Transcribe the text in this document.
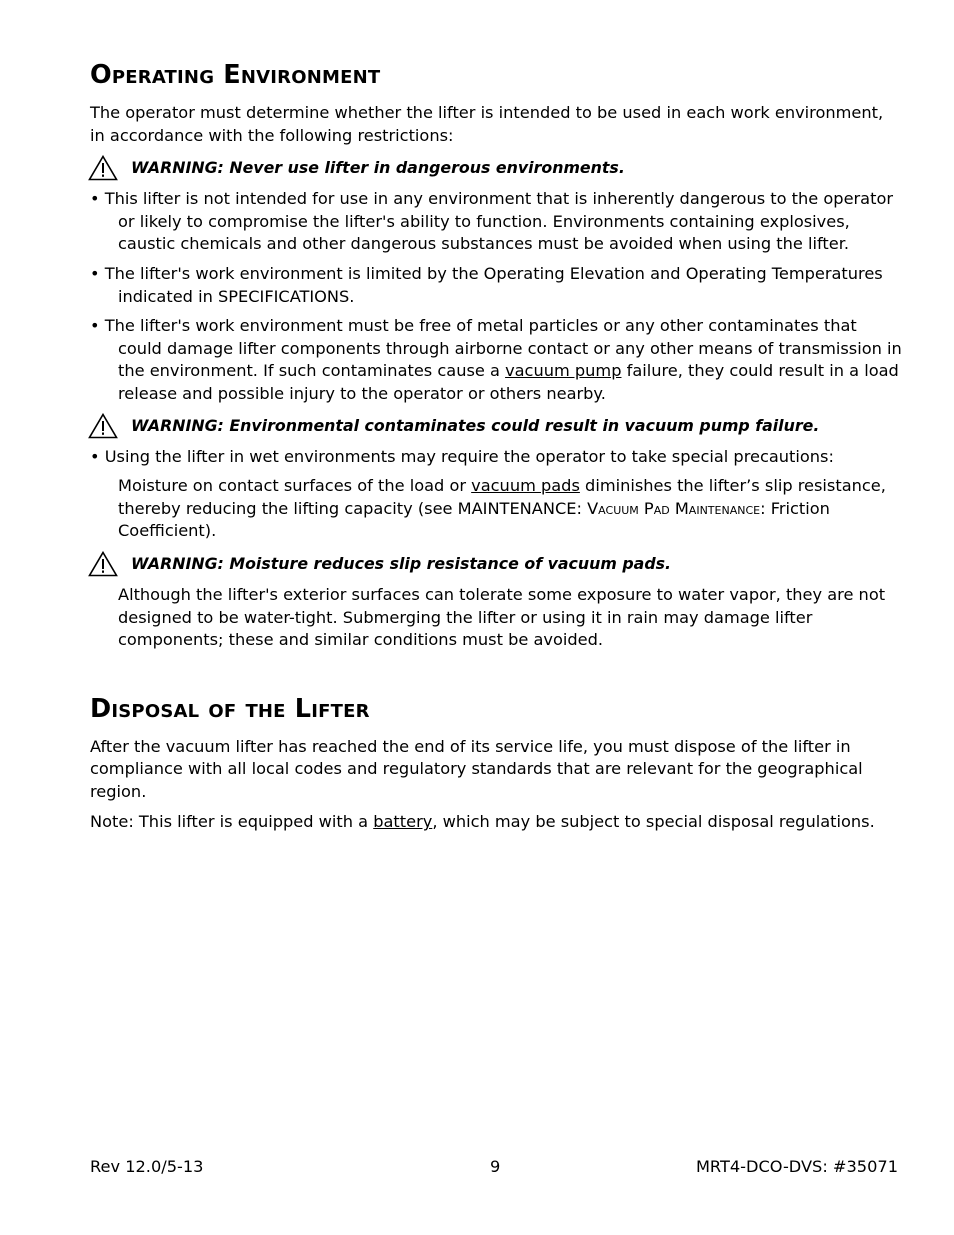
Operating Environment

The operator must determine whether the lifter is intended to be used in each work environment, in accordance with the following restrictions:

WARNING: Never use lifter in dangerous environments.

• This lifter is not intended for use in any environment that is inherently dangerous to the operator or likely to compromise the lifter's ability to function. Environments containing explosives, caustic chemicals and other dangerous substances must be avoided when using the lifter.

• The lifter's work environment is limited by the Operating Elevation and Operating Temperatures indicated in SPECIFICATIONS.

• The lifter's work environment must be free of metal particles or any other contaminates that could damage lifter components through airborne contact or any other means of transmission in the environment. If such contaminates cause a vacuum pump failure, they could result in a load release and possible injury to the operator or others nearby.

WARNING: Environmental contaminates could result in vacuum pump failure.

• Using the lifter in wet environments may require the operator to take special precautions:

Moisture on contact surfaces of the load or vacuum pads diminishes the lifter’s slip resistance, thereby reducing the lifting capacity (see MAINTENANCE: Vacuum Pad Maintenance: Friction Coefficient).

WARNING: Moisture reduces slip resistance of vacuum pads.

Although the lifter's exterior surfaces can tolerate some exposure to water vapor, they are not designed to be water-tight. Submerging the lifter or using it in rain may damage lifter components; these and similar conditions must be avoided.

Disposal of the Lifter

After the vacuum lifter has reached the end of its service life, you must dispose of the lifter in compliance with all local codes and regulatory standards that are relevant for the geographical region.

Note: This lifter is equipped with a battery, which may be subject to special disposal regulations.

Rev 12.0/5-13	9	MRT4-DCO-DVS: #35071
